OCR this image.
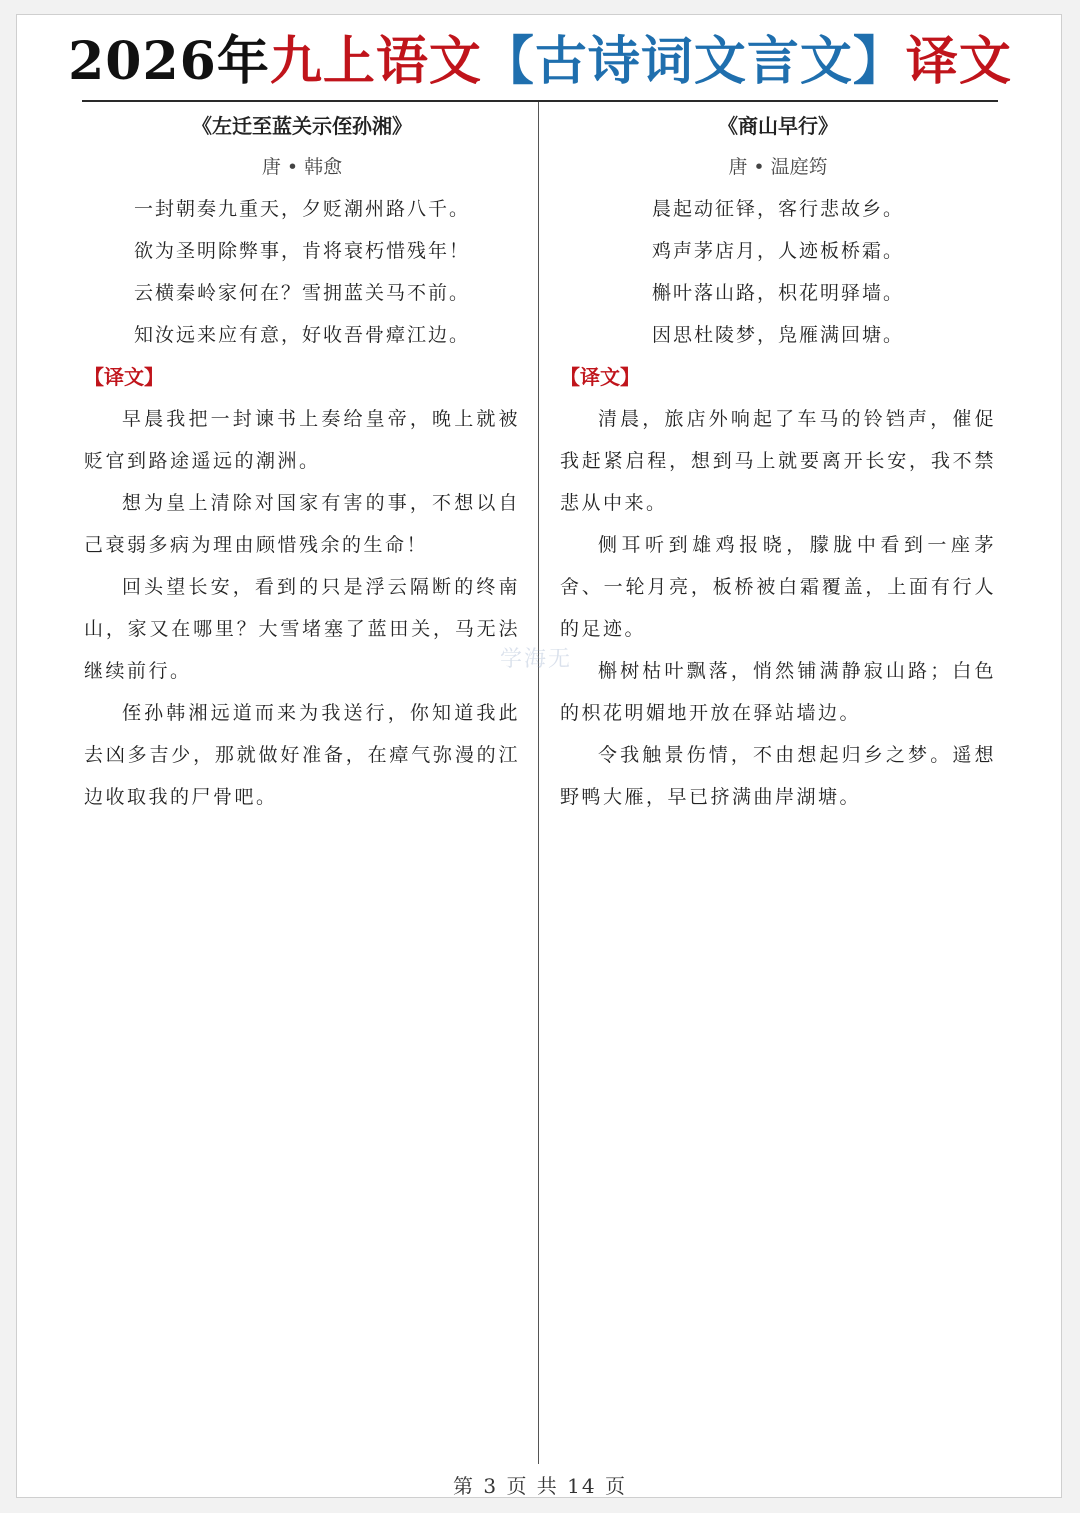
2026年九上语文【古诗词文言文】译文
《左迁至蓝关示侄孙湘》
唐 • 韩愈
一封朝奏九重天，夕贬潮州路八千。
欲为圣明除弊事，肯将衰朽惜残年！
云横秦岭家何在？雪拥蓝关马不前。
知汝远来应有意，好收吾骨瘴江边。
【译文】

早晨我把一封谏书上奏给皇帝，晚上就被贬官到路途遥远的潮洲。

想为皇上清除对国家有害的事，不想以自己衰弱多病为理由顾惜残余的生命！

回头望长安，看到的只是浮云隔断的终南山，家又在哪里？大雪堵塞了蓝田关，马无法继续前行。

侄孙韩湘远道而来为我送行，你知道我此去凶多吉少，那就做好准备，在瘴气弥漫的江边收取我的尸骨吧。

《商山早行》
唐 • 温庭筠
晨起动征铎，客行悲故乡。
鸡声茅店月，人迹板桥霜。
槲叶落山路，枳花明驿墙。
因思杜陵梦，凫雁满回塘。
【译文】

清晨，旅店外响起了车马的铃铛声，催促我赶紧启程，想到马上就要离开长安，我不禁悲从中来。

侧耳听到雄鸡报晓，朦胧中看到一座茅舍、一轮月亮，板桥被白霜覆盖，上面有行人的足迹。

槲树枯叶飘落，悄然铺满静寂山路；白色的枳花明媚地开放在驿站墙边。

令我触景伤情，不由想起归乡之梦。遥想野鸭大雁，早已挤满曲岸湖塘。

学海无
第 3 页 共 14 页
